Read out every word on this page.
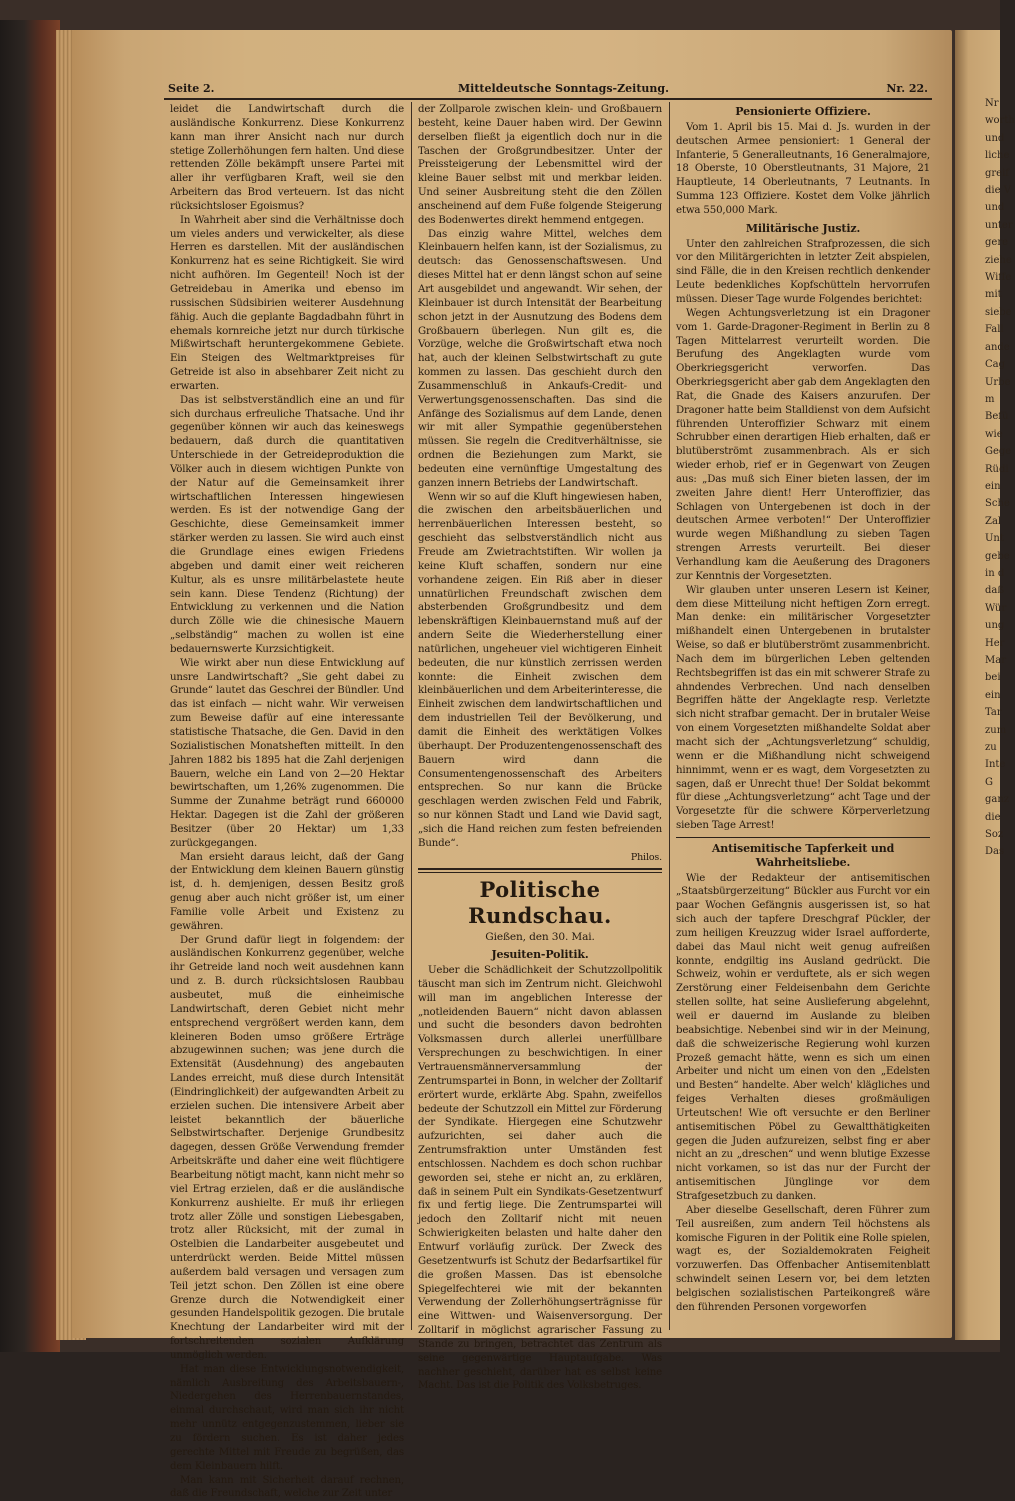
Nr
worth
und
liche
greif
die V
und
unter
gere
ziehe
Wiffe
mit
siebe
Fall
ande
Cag
Urbe
m
Befü
wie
Gege
Rüdi
ein
Sche
Zal
Unt
gebe
in d
daß
Wür
ung
Her
Mar
bei
ein
Tar
zum
zu
Inte
G
ganz
die
Soz
Das
Seite 2.	Mitteldeutsche Sonntags-Zeitung.	Nr. 22.

leidet die Landwirtschaft durch die ausländische Konkurrenz. Diese Konkurrenz kann man ihrer Ansicht nach nur durch stetige Zollerhöhungen fern halten. Und diese rettenden Zölle bekämpft unsere Partei mit aller ihr verfügbaren Kraft, weil sie den Arbeitern das Brod verteuern. Ist das nicht rücksichtsloser Egoismus?

In Wahrheit aber sind die Verhältnisse doch um vieles anders und verwickelter, als diese Herren es darstellen. Mit der ausländischen Konkurrenz hat es seine Richtigkeit. Sie wird nicht aufhören. Im Gegenteil! Noch ist der Getreidebau in Amerika und ebenso im russischen Südsibirien weiterer Ausdehnung fähig. Auch die geplante Bagdadbahn führt in ehemals kornreiche jetzt nur durch türkische Mißwirtschaft heruntergekommene Gebiete. Ein Steigen des Weltmarktpreises für Getreide ist also in absehbarer Zeit nicht zu erwarten.

Das ist selbstverständlich eine an und für sich durchaus erfreuliche Thatsache. Und ihr gegenüber können wir auch das keineswegs bedauern, daß durch die quantitativen Unterschiede in der Getreideproduktion die Völker auch in diesem wichtigen Punkte von der Natur auf die Gemeinsamkeit ihrer wirtschaftlichen Interessen hingewiesen werden. Es ist der notwendige Gang der Geschichte, diese Gemeinsamkeit immer stärker werden zu lassen. Sie wird auch einst die Grundlage eines ewigen Friedens abgeben und damit einer weit reicheren Kultur, als es unsre militärbelastete heute sein kann. Diese Tendenz (Richtung) der Entwicklung zu verkennen und die Nation durch Zölle wie die chinesische Mauern „selbständig“ machen zu wollen ist eine bedauernswerte Kurzsichtigkeit.

Wie wirkt aber nun diese Entwicklung auf unsre Landwirtschaft? „Sie geht dabei zu Grunde“ lautet das Geschrei der Bündler. Und das ist einfach — nicht wahr. Wir verweisen zum Beweise dafür auf eine interessante statistische Thatsache, die Gen. David in den Sozialistischen Monatsheften mitteilt. In den Jahren 1882 bis 1895 hat die Zahl derjenigen Bauern, welche ein Land von 2—20 Hektar bewirtschaften, um 1,26% zugenommen. Die Summe der Zunahme beträgt rund 660000 Hektar. Dagegen ist die Zahl der größeren Besitzer (über 20 Hektar) um 1,33 zurückgegangen.

Man ersieht daraus leicht, daß der Gang der Entwicklung dem kleinen Bauern günstig ist, d. h. demjenigen, dessen Besitz groß genug aber auch nicht größer ist, um einer Familie volle Arbeit und Existenz zu gewähren.

Der Grund dafür liegt in folgendem: der ausländischen Konkurrenz gegenüber, welche ihr Getreide land noch weit ausdehnen kann und z. B. durch rücksichtslosen Raubbau ausbeutet, muß die einheimische Landwirtschaft, deren Gebiet nicht mehr entsprechend vergrößert werden kann, dem kleineren Boden umso größere Erträge abzugewinnen suchen; was jene durch die Extensität (Ausdehnung) des angebauten Landes erreicht, muß diese durch Intensität (Eindringlichkeit) der aufgewandten Arbeit zu erzielen suchen. Die intensivere Arbeit aber leistet bekanntlich der bäuerliche Selbstwirtschafter. Derjenige Grundbesitz dagegen, dessen Größe Verwendung fremder Arbeitskräfte und daher eine weit flüchtigere Bearbeitung nötigt macht, kann nicht mehr so viel Ertrag erzielen, daß er die ausländische Konkurrenz aushielte. Er muß ihr erliegen trotz aller Zölle und sonstigen Liebesgaben, trotz aller Rücksicht, mit der zumal in Ostelbien die Landarbeiter ausgebeutet und unterdrückt werden. Beide Mittel müssen außerdem bald versagen und versagen zum Teil jetzt schon. Den Zöllen ist eine obere Grenze durch die Notwendigkeit einer gesunden Handelspolitik gezogen. Die brutale Knechtung der Landarbeiter wird mit der fortschreitenden sozialen Aufklärung unmöglich werden.

Hat man diese Entwicklungsnotwendigkeit, nämlich Ausbreitung des Arbeitsbauern-, Niedergehen des Herrenbauernstandes, einmal durchschaut, wird man sich ihr nicht mehr unnütz entgegenzustemmen, lieber sie zu fördern suchen. Es ist daher jedes gerechte Mittel mit Freude zu begrüßen, das dem Kleinbauern hilft.

Man kann mit Sicherheit darauf rechnen, daß die Freundschaft, welche zur Zeit unter

der Zollparole zwischen klein- und Großbauern besteht, keine Dauer haben wird. Der Gewinn derselben fließt ja eigentlich doch nur in die Taschen der Großgrundbesitzer. Unter der Preissteigerung der Lebensmittel wird der kleine Bauer selbst mit und merkbar leiden. Und seiner Ausbreitung steht die den Zöllen anscheinend auf dem Fuße folgende Steigerung des Bodenwertes direkt hemmend entgegen.

Das einzig wahre Mittel, welches dem Kleinbauern helfen kann, ist der Sozialismus, zu deutsch: das Genossenschaftswesen. Und dieses Mittel hat er denn längst schon auf seine Art ausgebildet und angewandt. Wir sehen, der Kleinbauer ist durch Intensität der Bearbeitung schon jetzt in der Ausnutzung des Bodens dem Großbauern überlegen. Nun gilt es, die Vorzüge, welche die Großwirtschaft etwa noch hat, auch der kleinen Selbstwirtschaft zu gute kommen zu lassen. Das geschieht durch den Zusammenschluß in Ankaufs-Credit- und Verwertungsgenossenschaften. Das sind die Anfänge des Sozialismus auf dem Lande, denen wir mit aller Sympathie gegenüberstehen müssen. Sie regeln die Creditverhältnisse, sie ordnen die Beziehungen zum Markt, sie bedeuten eine vernünftige Umgestaltung des ganzen innern Betriebs der Landwirtschaft.

Wenn wir so auf die Kluft hingewiesen haben, die zwischen den arbeitsbäuerlichen und herrenbäuerlichen Interessen besteht, so geschieht das selbstverständlich nicht aus Freude am Zwietrachtstiften. Wir wollen ja keine Kluft schaffen, sondern nur eine vorhandene zeigen. Ein Riß aber in dieser unnatürlichen Freundschaft zwischen dem absterbenden Großgrundbesitz und dem lebenskräftigen Kleinbauernstand muß auf der andern Seite die Wiederherstellung einer natürlichen, ungeheuer viel wichtigeren Einheit bedeuten, die nur künstlich zerrissen werden konnte: die Einheit zwischen dem kleinbäuerlichen und dem Arbeiterinteresse, die Einheit zwischen dem landwirtschaftlichen und dem industriellen Teil der Bevölkerung, und damit die Einheit des werktätigen Volkes überhaupt. Der Produzentengenossenschaft des Bauern wird dann die Consumentengenossenschaft des Arbeiters entsprechen. So nur kann die Brücke geschlagen werden zwischen Feld und Fabrik, so nur können Stadt und Land wie David sagt, „sich die Hand reichen zum festen befreienden Bunde“.

Philos.
Politische Rundschau.
Gießen, den 30. Mai.
Jesuiten-Politik.

Ueber die Schädlichkeit der Schutzzollpolitik täuscht man sich im Zentrum nicht. Gleichwohl will man im angeblichen Interesse der „notleidenden Bauern“ nicht davon ablassen und sucht die besonders davon bedrohten Volksmassen durch allerlei unerfüllbare Versprechungen zu beschwichtigen. In einer Vertrauensmännerversammlung der Zentrumspartei in Bonn, in welcher der Zolltarif erörtert wurde, erklärte Abg. Spahn, zweifellos bedeute der Schutzzoll ein Mittel zur Förderung der Syndikate. Hiergegen eine Schutzwehr aufzurichten, sei daher auch die Zentrumsfraktion unter Umständen fest entschlossen. Nachdem es doch schon ruchbar geworden sei, stehe er nicht an, zu erklären, daß in seinem Pult ein Syndikats-Gesetzentwurf fix und fertig liege. Die Zentrumspartei will jedoch den Zolltarif nicht mit neuen Schwierigkeiten belasten und halte daher den Entwurf vorläufig zurück. Der Zweck des Gesetzentwurfs ist Schutz der Bedarfsartikel für die großen Massen. Das ist ebensolche Spiegelfechterei wie mit der bekannten Verwendung der Zollerhöhungserträgnisse für eine Wittwen- und Waisenversorgung. Der Zolltarif in möglichst agrarischer Fassung zu Stande zu bringen, betrachtet das Zentrum als seine gegenwärtige Hauptaufgabe. Was nachher geschieht, darüber hat es selbst keine Macht. Das ist die Politik des Volksbetruges.

Pensionierte Offiziere.

Vom 1. April bis 15. Mai d. Js. wurden in der deutschen Armee pensioniert: 1 General der Infanterie, 5 Generalleutnants, 16 Generalmajore, 18 Oberste, 10 Oberstleutnants, 31 Majore, 21 Hauptleute, 14 Oberleutnants, 7 Leutnants. In Summa 123 Offiziere. Kostet dem Volke jährlich etwa 550,000 Mark.

Militärische Justiz.

Unter den zahlreichen Strafprozessen, die sich vor den Militärgerichten in letzter Zeit abspielen, sind Fälle, die in den Kreisen rechtlich denkender Leute bedenkliches Kopfschütteln hervorrufen müssen. Dieser Tage wurde Folgendes berichtet:

Wegen Achtungsverletzung ist ein Dragoner vom 1. Garde-Dragoner-Regiment in Berlin zu 8 Tagen Mittelarrest verurteilt worden. Die Berufung des Angeklagten wurde vom Oberkriegsgericht verworfen. Das Oberkriegsgericht aber gab dem Angeklagten den Rat, die Gnade des Kaisers anzurufen. Der Dragoner hatte beim Stalldienst von dem Aufsicht führenden Unteroffizier Schwarz mit einem Schrubber einen derartigen Hieb erhalten, daß er blutüberströmt zusammenbrach. Als er sich wieder erhob, rief er in Gegenwart von Zeugen aus: „Das muß sich Einer bieten lassen, der im zweiten Jahre dient! Herr Unteroffizier, das Schlagen von Untergebenen ist doch in der deutschen Armee verboten!“ Der Unteroffizier wurde wegen Mißhandlung zu sieben Tagen strengen Arrests verurteilt. Bei dieser Verhandlung kam die Aeußerung des Dragoners zur Kenntnis der Vorgesetzten.

Wir glauben unter unseren Lesern ist Keiner, dem diese Mitteilung nicht heftigen Zorn erregt. Man denke: ein militärischer Vorgesetzter mißhandelt einen Untergebenen in brutalster Weise, so daß er blutüberströmt zusammenbricht. Nach dem im bürgerlichen Leben geltenden Rechtsbegriffen ist das ein mit schwerer Strafe zu ahndendes Verbrechen. Und nach denselben Begriffen hätte der Angeklagte resp. Verletzte sich nicht strafbar gemacht. Der in brutaler Weise von einem Vorgesetzten mißhandelte Soldat aber macht sich der „Achtungsverletzung“ schuldig, wenn er die Mißhandlung nicht schweigend hinnimmt, wenn er es wagt, dem Vorgesetzten zu sagen, daß er Unrecht thue! Der Soldat bekommt für diese „Achtungsverletzung“ acht Tage und der Vorgesetzte für die schwere Körperverletzung sieben Tage Arrest!

Antisemitische Tapferkeit und Wahrheitsliebe.

Wie der Redakteur der antisemitischen „Staatsbürgerzeitung“ Bückler aus Furcht vor ein paar Wochen Gefängnis ausgerissen ist, so hat sich auch der tapfere Dreschgraf Pückler, der zum heiligen Kreuzzug wider Israel aufforderte, dabei das Maul nicht weit genug aufreißen konnte, endgiltig ins Ausland gedrückt. Die Schweiz, wohin er verduftete, als er sich wegen Zerstörung einer Feldeisenbahn dem Gerichte stellen sollte, hat seine Auslieferung abgelehnt, weil er dauernd im Auslande zu bleiben beabsichtige. Nebenbei sind wir in der Meinung, daß die schweizerische Regierung wohl kurzen Prozeß gemacht hätte, wenn es sich um einen Arbeiter und nicht um einen von den „Edelsten und Besten“ handelte. Aber welch' klägliches und feiges Verhalten dieses großmäuligen Urteutschen! Wie oft versuchte er den Berliner antisemitischen Pöbel zu Gewaltthätigkeiten gegen die Juden aufzureizen, selbst fing er aber nicht an zu „dreschen“ und wenn blutige Exzesse nicht vorkamen, so ist das nur der Furcht der antisemitischen Jünglinge vor dem Strafgesetzbuch zu danken.

Aber dieselbe Gesellschaft, deren Führer zum Teil ausreißen, zum andern Teil höchstens als komische Figuren in der Politik eine Rolle spielen, wagt es, der Sozialdemokraten Feigheit vorzuwerfen. Das Offenbacher Antisemitenblatt schwindelt seinen Lesern vor, bei dem letzten belgischen sozialistischen Parteikongreß wäre den führenden Personen vorgeworfen
